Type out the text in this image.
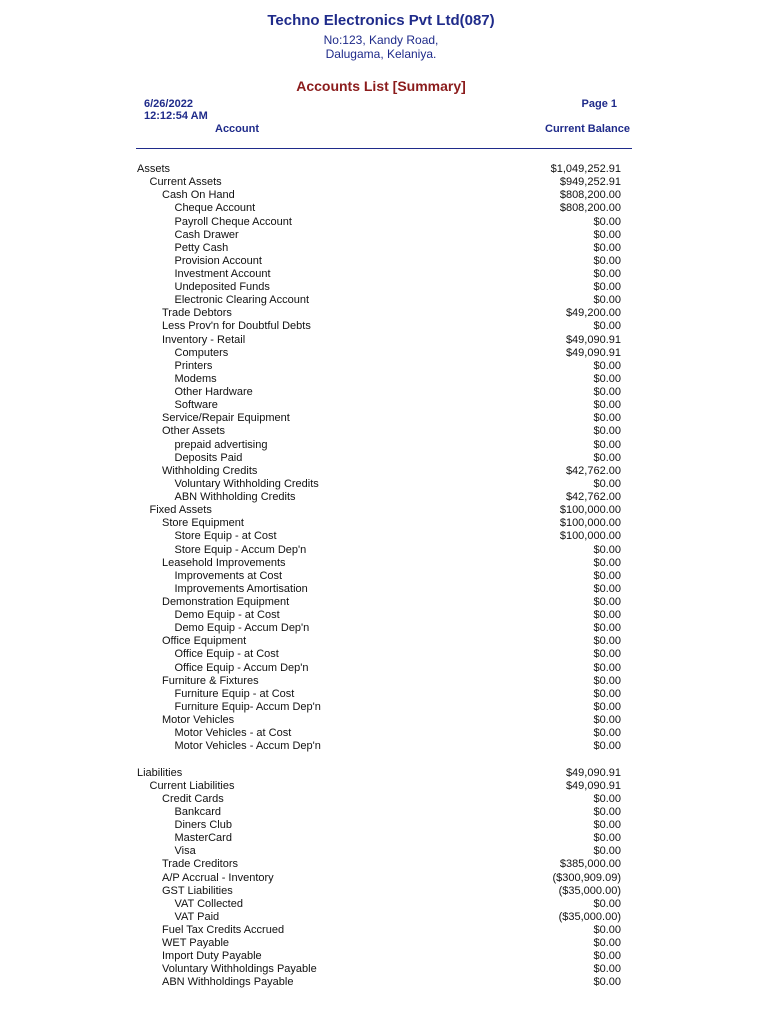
Techno Electronics Pvt Ltd(087)
No:123, Kandy Road,
Dalugama, Kelaniya.
Accounts List [Summary]
6/26/2022
12:12:54 AM
Page 1
Account	Current Balance
Assets	$1,049,252.91
Current Assets	$949,252.91
Cash On Hand	$808,200.00
Cheque Account	$808,200.00
Payroll Cheque Account	$0.00
Cash Drawer	$0.00
Petty Cash	$0.00
Provision Account	$0.00
Investment Account	$0.00
Undeposited Funds	$0.00
Electronic Clearing Account	$0.00
Trade Debtors	$49,200.00
Less Prov'n for Doubtful Debts	$0.00
Inventory - Retail	$49,090.91
Computers	$49,090.91
Printers	$0.00
Modems	$0.00
Other Hardware	$0.00
Software	$0.00
Service/Repair Equipment	$0.00
Other Assets	$0.00
prepaid advertising	$0.00
Deposits Paid	$0.00
Withholding Credits	$42,762.00
Voluntary Withholding Credits	$0.00
ABN Withholding Credits	$42,762.00
Fixed Assets	$100,000.00
Store Equipment	$100,000.00
Store Equip - at Cost	$100,000.00
Store Equip - Accum Dep'n	$0.00
Leasehold Improvements	$0.00
Improvements at Cost	$0.00
Improvements Amortisation	$0.00
Demonstration Equipment	$0.00
Demo Equip - at Cost	$0.00
Demo Equip - Accum Dep'n	$0.00
Office Equipment	$0.00
Office Equip - at Cost	$0.00
Office Equip - Accum Dep'n	$0.00
Furniture & Fixtures	$0.00
Furniture Equip - at Cost	$0.00
Furniture Equip- Accum Dep'n	$0.00
Motor Vehicles	$0.00
Motor Vehicles - at Cost	$0.00
Motor Vehicles - Accum Dep'n	$0.00
Liabilities	$49,090.91
Current Liabilities	$49,090.91
Credit Cards	$0.00
Bankcard	$0.00
Diners Club	$0.00
MasterCard	$0.00
Visa	$0.00
Trade Creditors	$385,000.00
A/P Accrual - Inventory	($300,909.09)
GST Liabilities	($35,000.00)
VAT Collected	$0.00
VAT Paid	($35,000.00)
Fuel Tax Credits Accrued	$0.00
WET Payable	$0.00
Import Duty Payable	$0.00
Voluntary Withholdings Payable	$0.00
ABN Withholdings Payable	$0.00
